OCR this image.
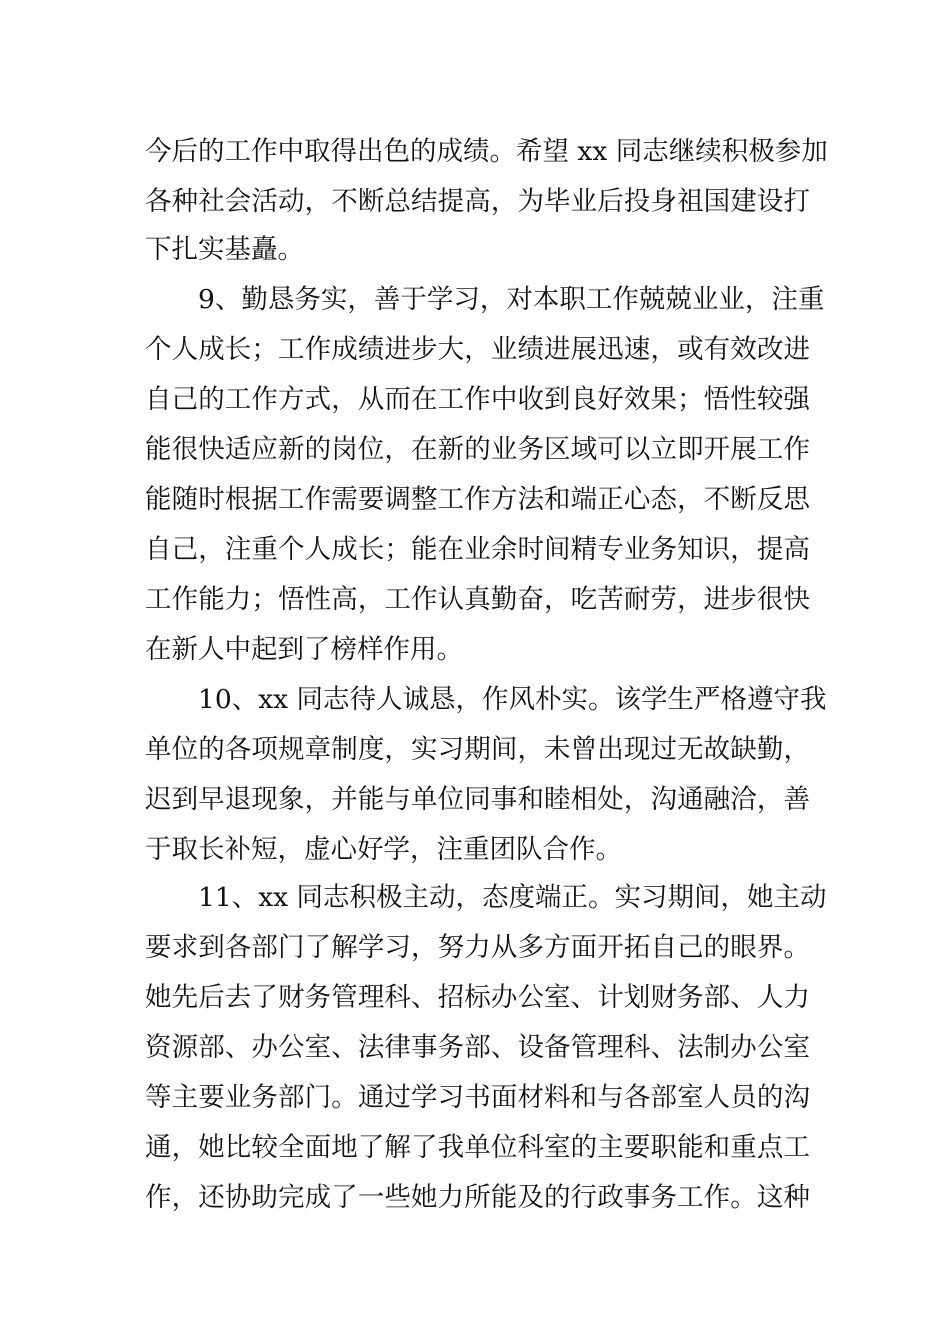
今后的工作中取得出色的成绩。希望 xx 同志继续积极参加
各种社会活动，不断总结提高，为毕业后投身祖国建设打
下扎实基矗。
9、勤恳务实，善于学习，对本职工作兢兢业业，注重
个人成长；工作成绩进步大，业绩进展迅速，或有效改进
自己的工作方式，从而在工作中收到良好效果；悟性较强
能很快适应新的岗位，在新的业务区域可以立即开展工作
能随时根据工作需要调整工作方法和端正心态，不断反思
自己，注重个人成长；能在业余时间精专业务知识，提高
工作能力；悟性高，工作认真勤奋，吃苦耐劳，进步很快
在新人中起到了榜样作用。
10、xx 同志待人诚恳，作风朴实。该学生严格遵守我
单位的各项规章制度，实习期间，未曾出现过无故缺勤，
迟到早退现象，并能与单位同事和睦相处，沟通融洽，善
于取长补短，虚心好学，注重团队合作。
11、xx 同志积极主动，态度端正。实习期间，她主动
要求到各部门了解学习，努力从多方面开拓自己的眼界。
她先后去了财务管理科、招标办公室、计划财务部、人力
资源部、办公室、法律事务部、设备管理科、法制办公室
等主要业务部门。通过学习书面材料和与各部室人员的沟
通，她比较全面地了解了我单位科室的主要职能和重点工
作，还协助完成了一些她力所能及的行政事务工作。这种
